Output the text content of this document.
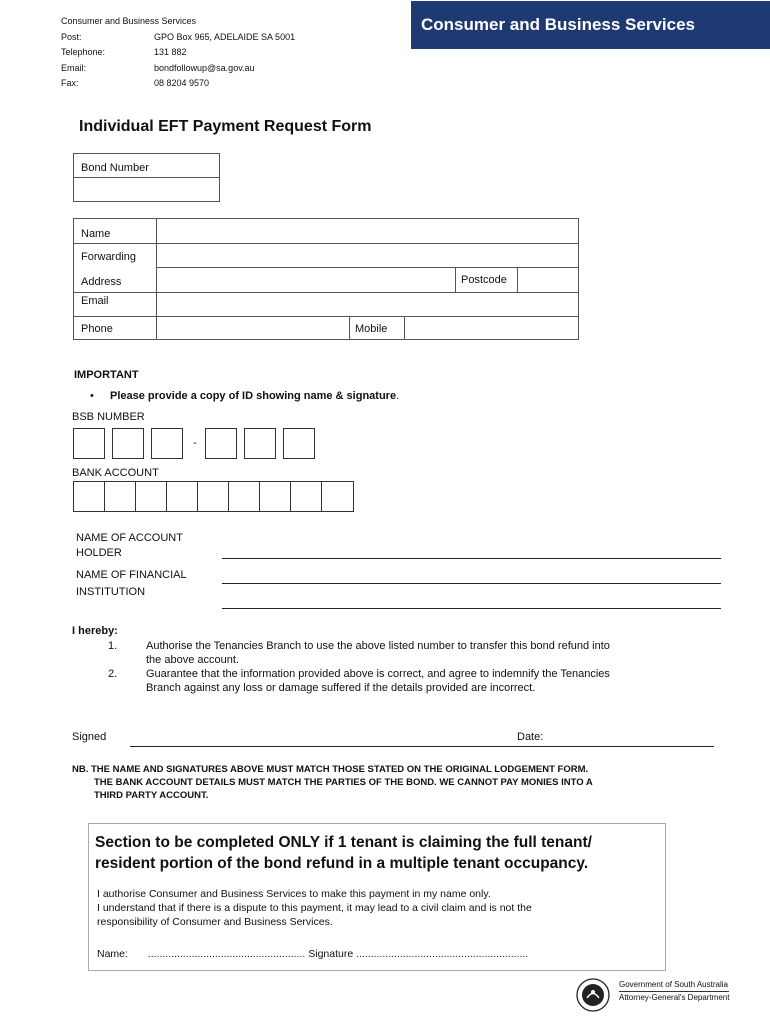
Consumer and Business Services
Post:	GPO Box 965, ADELAIDE SA 5001
Telephone:	131 882
Email:	bondfollowup@sa.gov.au
Fax:	08 8204 9570
Consumer and Business Services
Individual EFT Payment Request Form
Bond Number
Name
Forwarding
Address	Postcode
Email
Phone	Mobile
IMPORTANT
• Please provide a copy of ID showing name & signature.
BSB NUMBER
-
BANK ACCOUNT
NAME OF ACCOUNT
HOLDER
NAME OF FINANCIAL
INSTITUTION
I hereby:
1.	Authorise the Tenancies Branch to use the above listed number to transfer this bond refund into
the above account.
2.	Guarantee that the information provided above is correct, and agree to indemnify the Tenancies
Branch against any loss or damage suffered if the details provided are incorrect.
Signed	Date:
NB. THE NAME AND SIGNATURES ABOVE MUST MATCH THOSE STATED ON THE ORIGINAL LODGEMENT FORM.
THE BANK ACCOUNT DETAILS MUST MATCH THE PARTIES OF THE BOND. WE CANNOT PAY MONIES INTO A
THIRD PARTY ACCOUNT.
Section to be completed ONLY if 1 tenant is claiming the full tenant/
resident portion of the bond refund in a multiple tenant occupancy.
I authorise Consumer and Business Services to make this payment in my name only.
I understand that if there is a dispute to this payment, it may lead to a civil claim and is not the
responsibility of Consumer and Business Services.
Name: ...................................................... Signature ...........................................................
Government of South Australia
Attorney-General's Department
